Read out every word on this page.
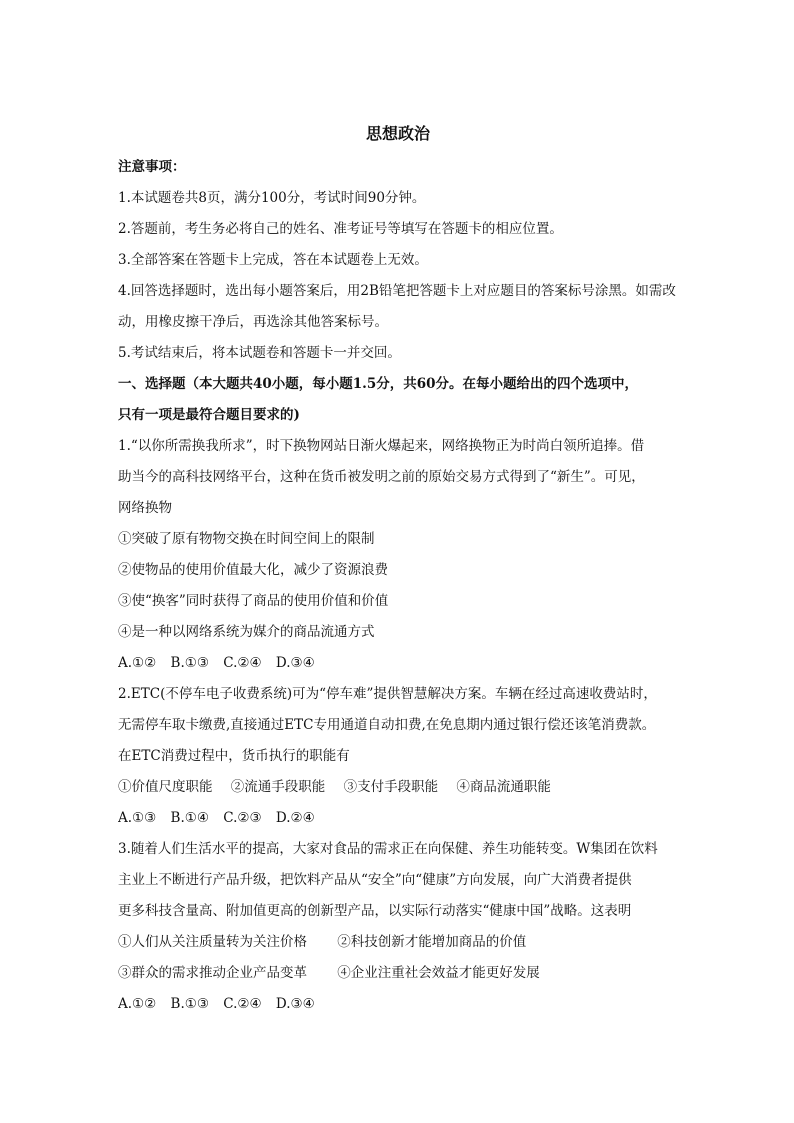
思想政治

注意事项：

1.本试题卷共8页，满分100分，考试时间90分钟。

2.答题前，考生务必将自己的姓名、准考证号等填写在答题卡的相应位置。

3.全部答案在答题卡上完成，答在本试题卷上无效。

4.回答选择题时，选出每小题答案后，用2B铅笔把答题卡上对应题目的答案标号涂黑。如需改动，用橡皮擦干净后，再选涂其他答案标号。

5.考试结束后，将本试题卷和答题卡一并交回。

一、选择题（本大题共40小题，每小题1.5分，共60分。在每小题给出的四个选项中，

只有一项是最符合题目要求的)

1.“以你所需换我所求”，时下换物网站日渐火爆起来，网络换物正为时尚白领所追捧。借

助当今的高科技网络平台，这种在货币被发明之前的原始交易方式得到了“新生”。可见，

网络换物

①突破了原有物物交换在时间空间上的限制

②使物品的使用价值最大化，减少了资源浪费

③使“换客”同时获得了商品的使用价值和价值

④是一种以网络系统为媒介的商品流通方式

A.①② B.①③ C.②④ D.③④

2.ETC(不停车电子收费系统)可为“停车难”提供智慧解决方案。车辆在经过高速收费站时，

无需停车取卡缴费,直接通过ETC专用通道自动扣费,在免息期内通过银行偿还该笔消费款。

在ETC消费过程中，货币执行的职能有

①价值尺度职能 ②流通手段职能 ③支付手段职能 ④商品流通职能

A.①③ B.①④ C.②③ D.②④

3.随着人们生活水平的提高，大家对食品的需求正在向保健、养生功能转变。W集团在饮料

主业上不断进行产品升级，把饮料产品从“安全”向“健康”方向发展，向广大消费者提供

更多科技含量高、附加值更高的创新型产品，以实际行动落实“健康中国”战略。这表明

①人们从关注质量转为关注价格 ②科技创新才能增加商品的价值

③群众的需求推动企业产品变革 ④企业注重社会效益才能更好发展

A.①② B.①③ C.②④ D.③④
